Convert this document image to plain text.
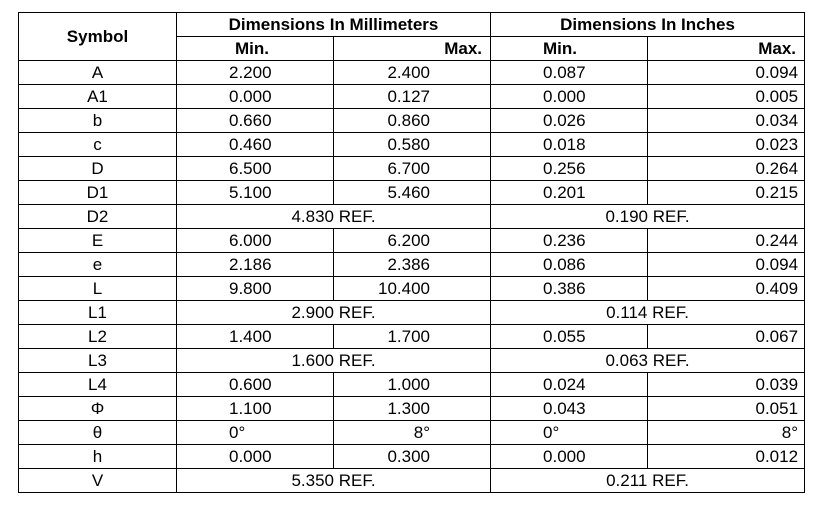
Symbol	Dimensions In Millimeters		Dimensions In Inches	
	Min.	Max.	Min.	Max.
A	2.200	2.400	0.087	0.094
A1	0.000	0.127	0.000	0.005
b	0.660	0.860	0.026	0.034
c	0.460	0.580	0.018	0.023
D	6.500	6.700	0.256	0.264
D1	5.100	5.460	0.201	0.215
D2	4.830 REF.		0.190 REF.	
E	6.000	6.200	0.236	0.244
e	2.186	2.386	0.086	0.094
L	9.800	10.400	0.386	0.409
L1	2.900 REF.		0.114 REF.	
L2	1.400	1.700	0.055	0.067
L3	1.600 REF.		0.063 REF.	
L4	0.600	1.000	0.024	0.039
Φ	1.100	1.300	0.043	0.051
θ	0°	8°	0°	8°
h	0.000	0.300	0.000	0.012
V	5.350 REF.		0.211 REF.	
